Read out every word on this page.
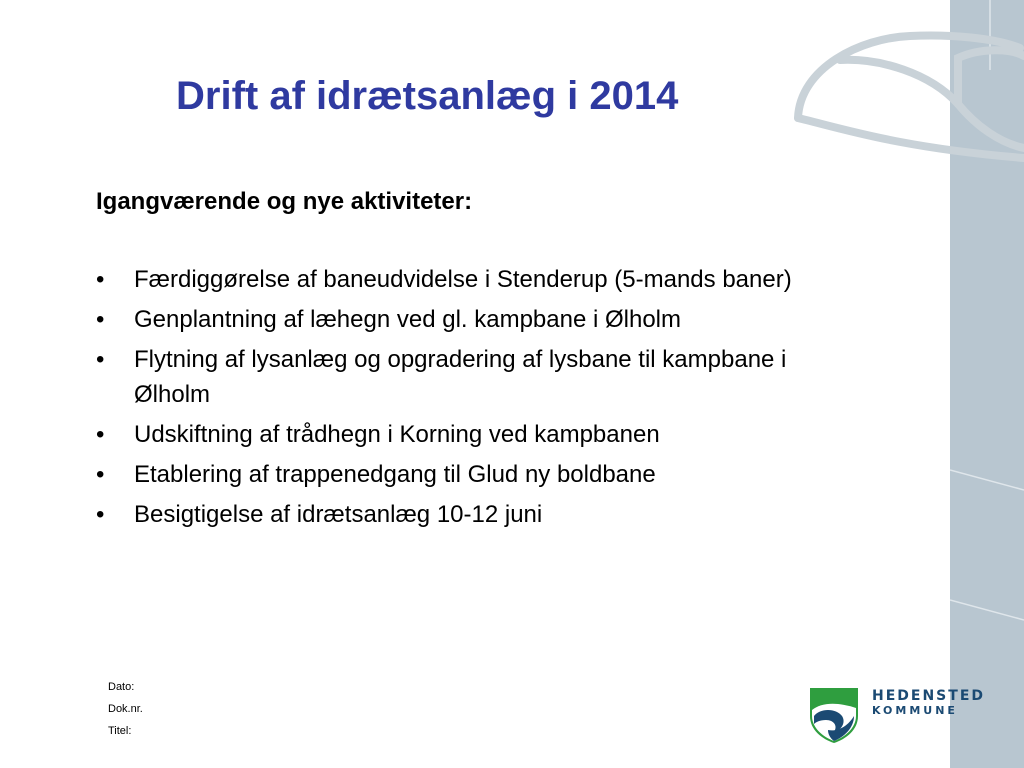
Drift af idrætsanlæg i 2014
Igangværende og nye aktiviteter:
•	Færdiggørelse af baneudvidelse i Stenderup (5-mands baner)
•	Genplantning af læhegn ved gl. kampbane i Ølholm
•	Flytning af lysanlæg og opgradering af lysbane til kampbane i Ølholm
•	Udskiftning af trådhegn i Korning ved kampbanen
•	Etablering af trappenedgang til Glud ny boldbane
•	Besigtigelse af idrætsanlæg 10-12 juni
Dato:
Dok.nr.
Titel:
HEDENSTED
KOMMUNE
